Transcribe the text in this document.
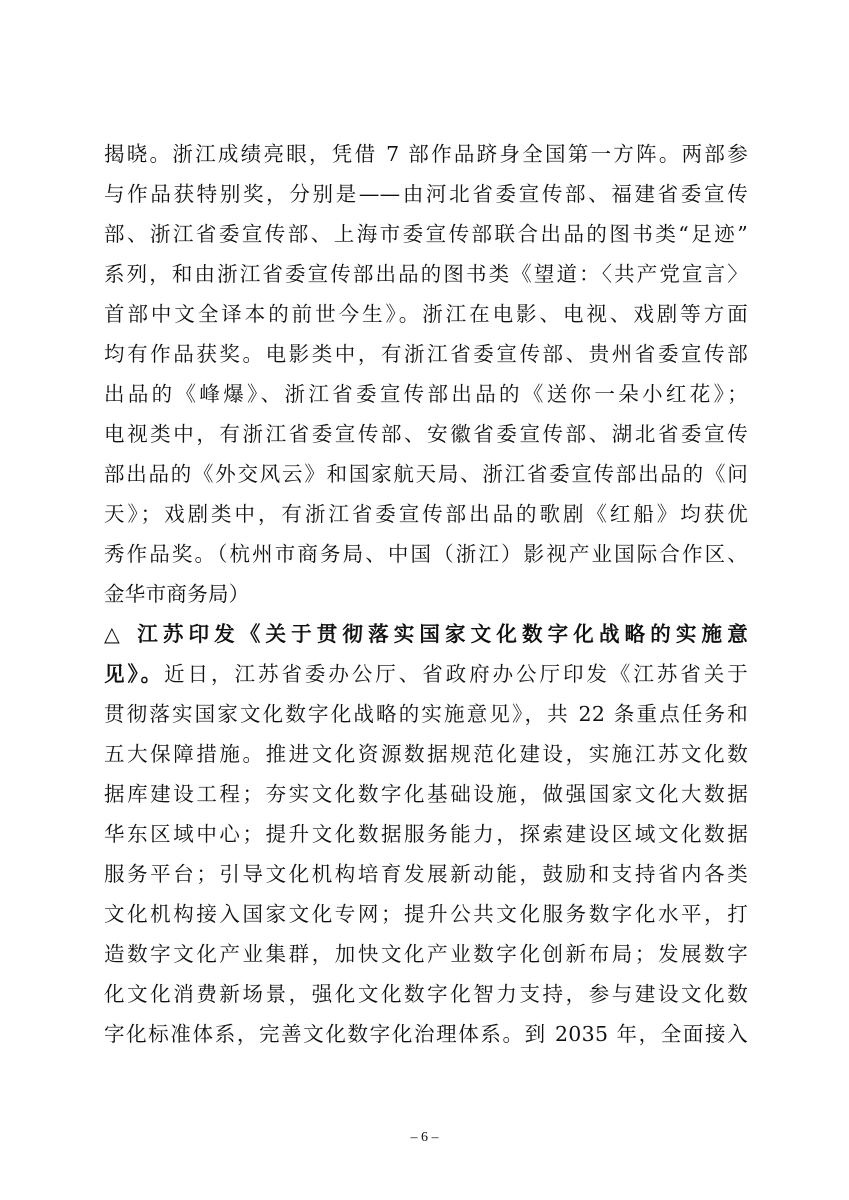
揭晓。浙江成绩亮眼，凭借 7 部作品跻身全国第一方阵。两部参
与作品获特别奖，分别是——由河北省委宣传部、福建省委宣传
部、浙江省委宣传部、上海市委宣传部联合出品的图书类“足迹”
系列，和由浙江省委宣传部出品的图书类《望道：〈共产党宣言〉
首部中文全译本的前世今生》。浙江在电影、电视、戏剧等方面
均有作品获奖。电影类中，有浙江省委宣传部、贵州省委宣传部
出品的《峰爆》、浙江省委宣传部出品的《送你一朵小红花》；
电视类中，有浙江省委宣传部、安徽省委宣传部、湖北省委宣传
部出品的《外交风云》和国家航天局、浙江省委宣传部出品的《问
天》；戏剧类中，有浙江省委宣传部出品的歌剧《红船》均获优
秀作品奖。（杭州市商务局、中国（浙江）影视产业国际合作区、
金华市商务局）
△ 江苏印发《关于贯彻落实国家文化数字化战略的实施意
见》。近日，江苏省委办公厅、省政府办公厅印发《江苏省关于
贯彻落实国家文化数字化战略的实施意见》，共 22 条重点任务和
五大保障措施。推进文化资源数据规范化建设，实施江苏文化数
据库建设工程；夯实文化数字化基础设施，做强国家文化大数据
华东区域中心；提升文化数据服务能力，探索建设区域文化数据
服务平台；引导文化机构培育发展新动能，鼓励和支持省内各类
文化机构接入国家文化专网；提升公共文化服务数字化水平，打
造数字文化产业集群，加快文化产业数字化创新布局；发展数字
化文化消费新场景，强化文化数字化智力支持，参与建设文化数
字化标准体系，完善文化数字化治理体系。到 2035 年，全面接入
– 6 –
